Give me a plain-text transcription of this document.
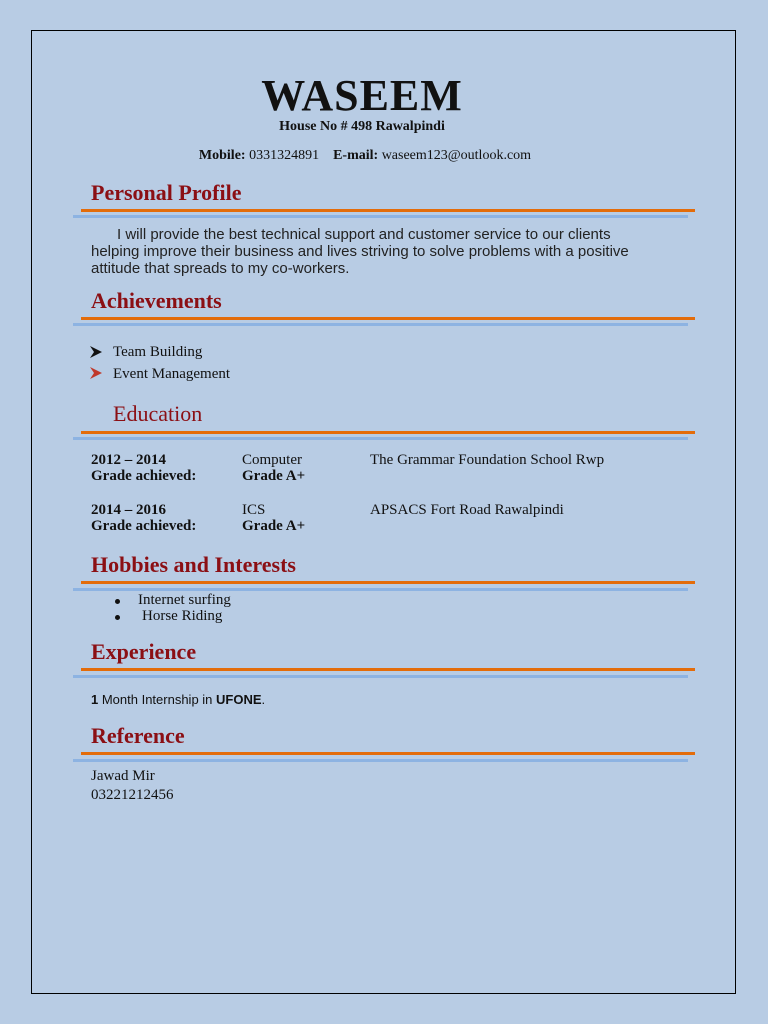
WASEEM
House No # 498 Rawalpindi
Mobile: 0331324891 E-mail: waseem123@outlook.com
Personal Profile
I will provide the best technical support and customer service to our clients helping improve their business and lives striving to solve problems with a positive attitude that spreads to my co-workers.
Achievements
Team Building
Event Management
Education
2012 – 2014	Computer	The Grammar Foundation School Rwp
Grade achieved:	Grade A+
2014 – 2016	ICS	APSACS Fort Road Rawalpindi
Grade achieved:	Grade A+
Hobbies and Interests
Internet surfing
Horse Riding
Experience
1 Month Internship in UFONE.
Reference
Jawad Mir
03221212456
